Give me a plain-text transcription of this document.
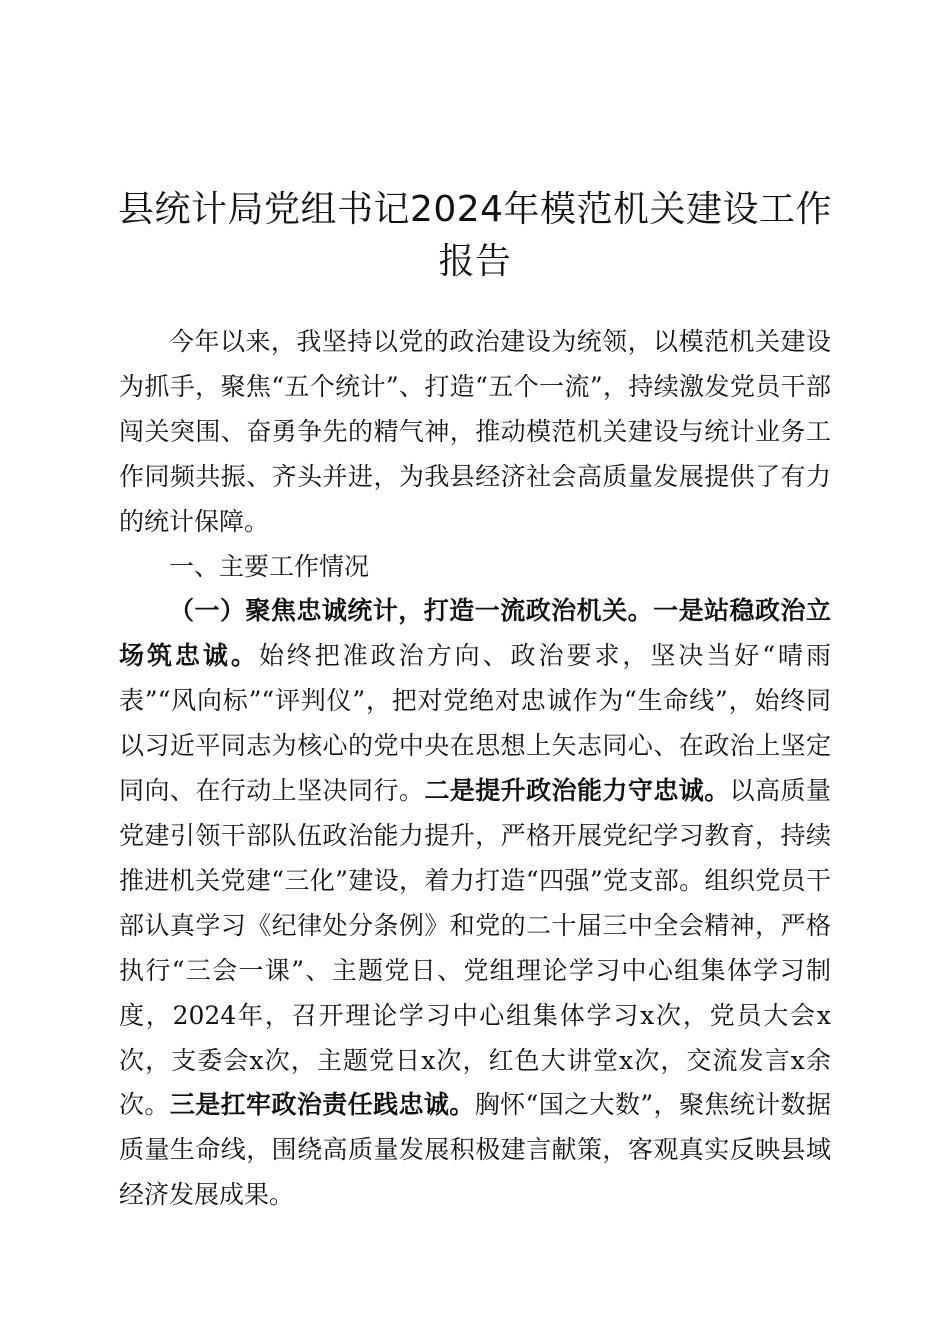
县统计局党组书记2024年模范机关建设工作报告

今年以来，我坚持以党的政治建设为统领，以模范机关建设为抓手，聚焦“五个统计”、打造“五个一流”，持续激发党员干部闯关突围、奋勇争先的精气神，推动模范机关建设与统计业务工作同频共振、齐头并进，为我县经济社会高质量发展提供了有力的统计保障。

一、主要工作情况

（一）聚焦忠诚统计，打造一流政治机关。一是站稳政治立场筑忠诚。始终把准政治方向、政治要求，坚决当好“晴雨表”“风向标”“评判仪”，把对党绝对忠诚作为“生命线”，始终同以习近平同志为核心的党中央在思想上矢志同心、在政治上坚定同向、在行动上坚决同行。二是提升政治能力守忠诚。以高质量党建引领干部队伍政治能力提升，严格开展党纪学习教育，持续推进机关党建“三化”建设，着力打造“四强”党支部。组织党员干部认真学习《纪律处分条例》和党的二十届三中全会精神，严格执行“三会一课”、主题党日、党组理论学习中心组集体学习制度，2024年，召开理论学习中心组集体学习x次，党员大会x次，支委会x次，主题党日x次，红色大讲堂x次，交流发言x余次。三是扛牢政治责任践忠诚。胸怀“国之大数”，聚焦统计数据质量生命线，围绕高质量发展积极建言献策，客观真实反映县域经济发展成果。
